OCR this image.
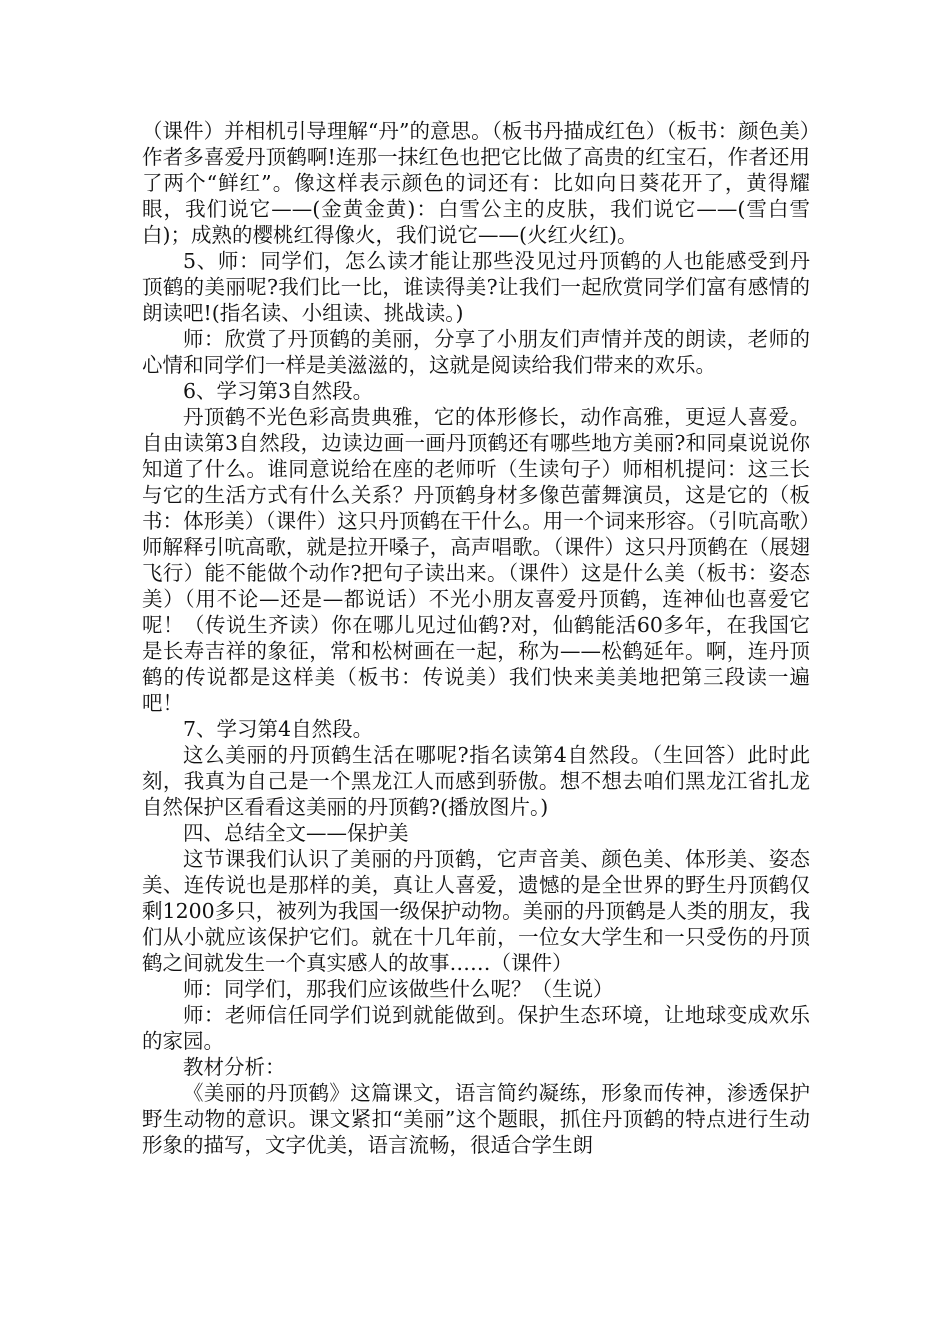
（课件）并相机引导理解“丹”的意思。（板书丹描成红色）（板书：颜色美）作者多喜爱丹顶鹤啊!连那一抹红色也把它比做了高贵的红宝石，作者还用了两个“鲜红”。像这样表示颜色的词还有：比如向日葵花开了，黄得耀眼，我们说它——(金黄金黄)：白雪公主的皮肤，我们说它——(雪白雪白)；成熟的樱桃红得像火，我们说它——(火红火红)。

5、师：同学们，怎么读才能让那些没见过丹顶鹤的人也能感受到丹顶鹤的美丽呢?我们比一比，谁读得美?让我们一起欣赏同学们富有感情的朗读吧!(指名读、小组读、挑战读。)

师：欣赏了丹顶鹤的美丽，分享了小朋友们声情并茂的朗读，老师的心情和同学们一样是美滋滋的，这就是阅读给我们带来的欢乐。

6、学习第3自然段。

丹顶鹤不光色彩高贵典雅，它的体形修长，动作高雅，更逗人喜爱。自由读第3自然段，边读边画一画丹顶鹤还有哪些地方美丽?和同桌说说你知道了什么。谁同意说给在座的老师听（生读句子）师相机提问：这三长与它的生活方式有什么关系？丹顶鹤身材多像芭蕾舞演员，这是它的（板书：体形美）（课件）这只丹顶鹤在干什么。用一个词来形容。（引吭高歌）师解释引吭高歌，就是拉开嗓子，高声唱歌。（课件）这只丹顶鹤在（展翅飞行）能不能做个动作?把句子读出来。（课件）这是什么美（板书：姿态美）（用不论—还是—都说话）不光小朋友喜爱丹顶鹤，连神仙也喜爱它呢！（传说生齐读）你在哪儿见过仙鹤?对，仙鹤能活60多年，在我国它是长寿吉祥的象征，常和松树画在一起，称为——松鹤延年。啊，连丹顶鹤的传说都是这样美（板书：传说美）我们快来美美地把第三段读一遍吧！

7、学习第4自然段。

这么美丽的丹顶鹤生活在哪呢?指名读第4自然段。（生回答）此时此刻，我真为自己是一个黑龙江人而感到骄傲。想不想去咱们黑龙江省扎龙自然保护区看看这美丽的丹顶鹤?(播放图片。)

四、总结全文——保护美

这节课我们认识了美丽的丹顶鹤，它声音美、颜色美、体形美、姿态美、连传说也是那样的美，真让人喜爱，遗憾的是全世界的野生丹顶鹤仅剩1200多只，被列为我国一级保护动物。美丽的丹顶鹤是人类的朋友，我们从小就应该保护它们。就在十几年前，一位女大学生和一只受伤的丹顶鹤之间就发生一个真实感人的故事……（课件）

师：同学们，那我们应该做些什么呢？（生说）

师：老师信任同学们说到就能做到。保护生态环境，让地球变成欢乐的家园。

教材分析：

《美丽的丹顶鹤》这篇课文，语言简约凝练，形象而传神，渗透保护野生动物的意识。课文紧扣“美丽”这个题眼，抓住丹顶鹤的特点进行生动形象的描写，文字优美，语言流畅，很适合学生朗
